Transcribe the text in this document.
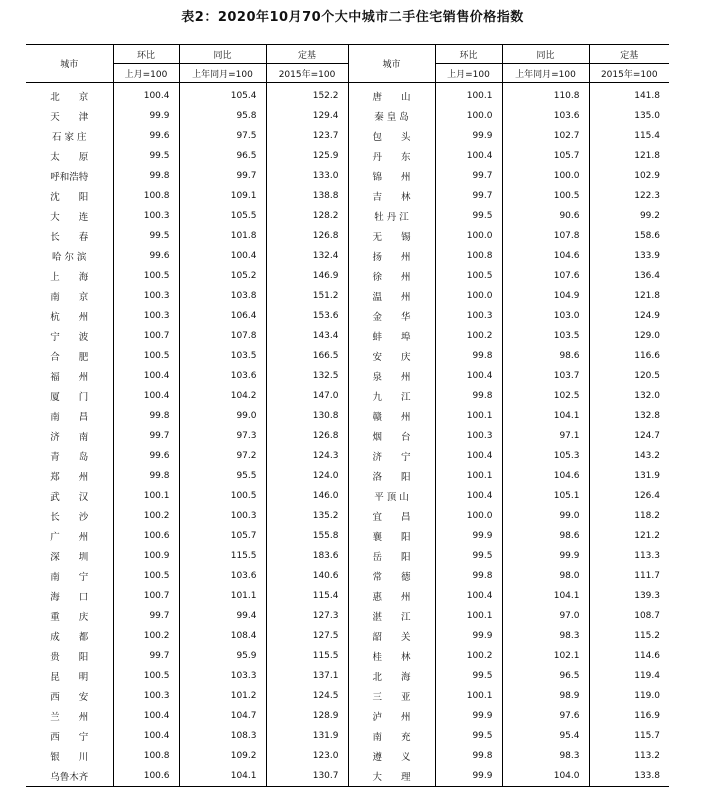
表2：2020年10月70个大中城市二手住宅销售价格指数
城市	环比	同比	定基	城市	环比	同比	定基
	上月=100	上年同月=100	2015年=100		上月=100	上年同月=100	2015年=100
北　　京	100.4	105.4	152.2	唐　　山	100.1	110.8	141.8
天　　津	99.9	95.8	129.4	秦 皇 岛	100.0	103.6	135.0
石 家 庄	99.6	97.5	123.7	包　　头	99.9	102.7	115.4
太　　原	99.5	96.5	125.9	丹　　东	100.4	105.7	121.8
呼和浩特	99.8	99.7	133.0	锦　　州	99.7	100.0	102.9
沈　　阳	100.8	109.1	138.8	吉　　林	99.7	100.5	122.3
大　　连	100.3	105.5	128.2	牡 丹 江	99.5	90.6	99.2
长　　春	99.5	101.8	126.8	无　　锡	100.0	107.8	158.6
哈 尔 滨	99.6	100.4	132.4	扬　　州	100.8	104.6	133.9
上　　海	100.5	105.2	146.9	徐　　州	100.5	107.6	136.4
南　　京	100.3	103.8	151.2	温　　州	100.0	104.9	121.8
杭　　州	100.3	106.4	153.6	金　　华	100.3	103.0	124.9
宁　　波	100.7	107.8	143.4	蚌　　埠	100.2	103.5	129.0
合　　肥	100.5	103.5	166.5	安　　庆	99.8	98.6	116.6
福　　州	100.4	103.6	132.5	泉　　州	100.4	103.7	120.5
厦　　门	100.4	104.2	147.0	九　　江	99.8	102.5	132.0
南　　昌	99.8	99.0	130.8	赣　　州	100.1	104.1	132.8
济　　南	99.7	97.3	126.8	烟　　台	100.3	97.1	124.7
青　　岛	99.6	97.2	124.3	济　　宁	100.4	105.3	143.2
郑　　州	99.8	95.5	124.0	洛　　阳	100.1	104.6	131.9
武　　汉	100.1	100.5	146.0	平 顶 山	100.4	105.1	126.4
长　　沙	100.2	100.3	135.2	宜　　昌	100.0	99.0	118.2
广　　州	100.6	105.7	155.8	襄　　阳	99.9	98.6	121.2
深　　圳	100.9	115.5	183.6	岳　　阳	99.5	99.9	113.3
南　　宁	100.5	103.6	140.6	常　　德	99.8	98.0	111.7
海　　口	100.7	101.1	115.4	惠　　州	100.4	104.1	139.3
重　　庆	99.7	99.4	127.3	湛　　江	100.1	97.0	108.7
成　　都	100.2	108.4	127.5	韶　　关	99.9	98.3	115.2
贵　　阳	99.7	95.9	115.5	桂　　林	100.2	102.1	114.6
昆　　明	100.5	103.3	137.1	北　　海	99.5	96.5	119.4
西　　安	100.3	101.2	124.5	三　　亚	100.1	98.9	119.0
兰　　州	100.4	104.7	128.9	泸　　州	99.9	97.6	116.9
西　　宁	100.4	108.3	131.9	南　　充	99.5	95.4	115.7
银　　川	100.8	109.2	123.0	遵　　义	99.8	98.3	113.2
乌鲁木齐	100.6	104.1	130.7	大　　理	99.9	104.0	133.8
